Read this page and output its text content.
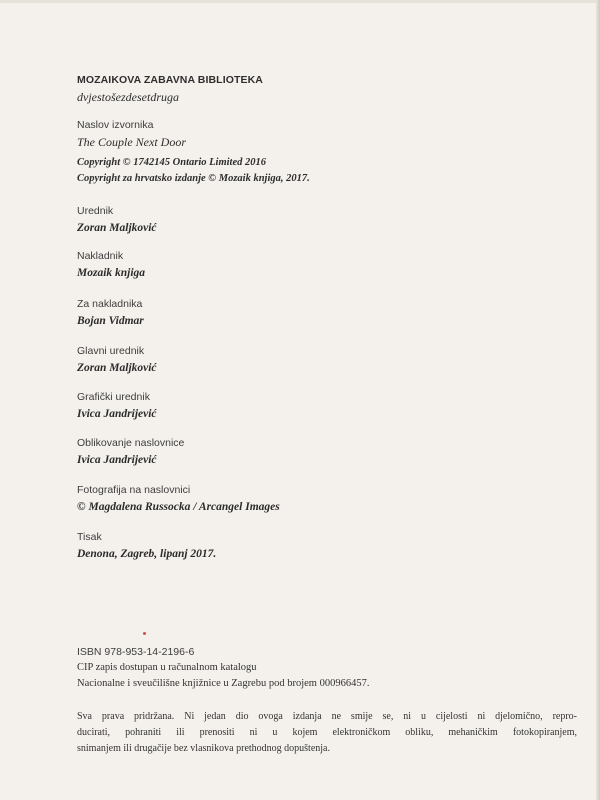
MOZAIKOVA ZABAVNA BIBLIOTEKA
dvjestošezdesetdruga
Naslov izvornika
The Couple Next Door
Copyright © 1742145 Ontario Limited 2016
Copyright za hrvatsko izdanje © Mozaik knjiga, 2017.
Urednik
Zoran Maljković
Nakladnik
Mozaik knjiga
Za nakladnika
Bojan Vidmar
Glavni urednik
Zoran Maljković
Grafički urednik
Ivica Jandrijević
Oblikovanje naslovnice
Ivica Jandrijević
Fotografija na naslovnici
© Magdalena Russocka / Arcangel Images
Tisak
Denona, Zagreb, lipanj 2017.
ISBN 978-953-14-2196-6
CIP zapis dostupan u računalnom katalogu
Nacionalne i sveučilišne knjižnice u Zagrebu pod brojem 000966457.
Sva prava pridržana. Ni jedan dio ovoga izdanja ne smije se, ni u cijelosti ni djelomično, repro-
ducirati, pohraniti ili prenositi ni u kojem elektroničkom obliku, mehaničkim fotokopiranjem,
snimanjem ili drugačije bez vlasnikova prethodnog dopuštenja.
